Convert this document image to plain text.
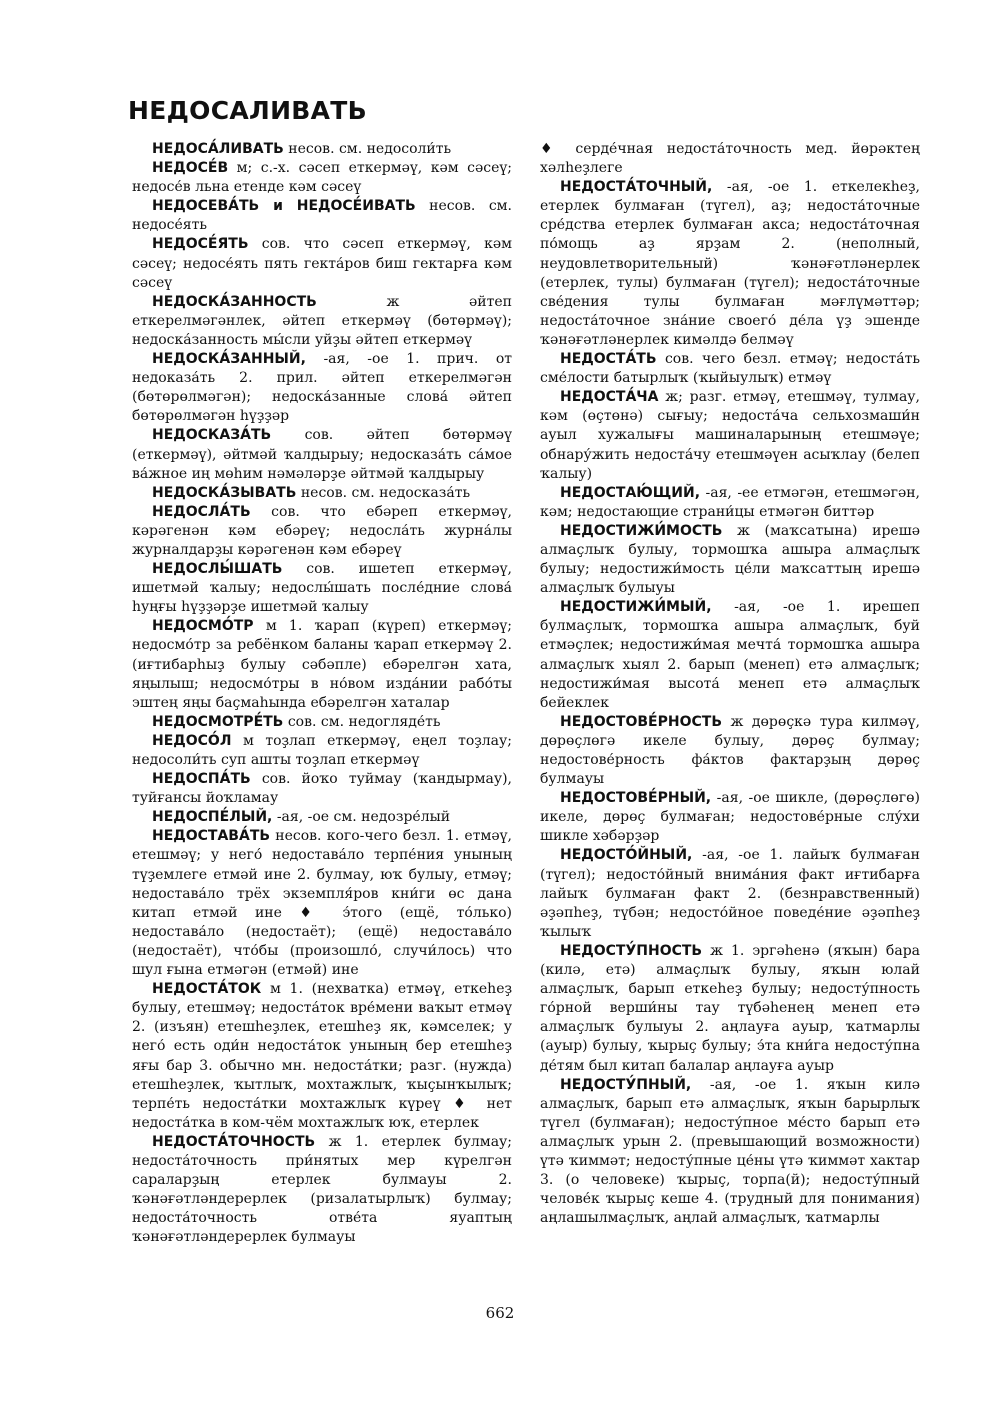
НЕДОСАЛИВАТЬ

НЕДОСА́ЛИВАТЬ несов. см. недосоли́ть

НЕДОСЕ́В м; с.-х. сәсеп еткермәү, кәм сәсеү; недосе́в льна етенде кәм сәсеү

НЕДОСЕВА́ТЬ и НЕДОСЕ́ИВАТЬ несов. см. недосе́ять

НЕДОСЕ́ЯТЬ сов. что сәсеп еткермәү, кәм сәсеү; недосе́ять пять гекта́ров биш гектарға кәм сәсеү

НЕДОСКА́ЗАННОСТЬ	ж әйтеп еткерелмәгәнлек, әйтеп еткермәү (бөтөрмәү); недоска́занность мы́сли уйҙы әйтеп еткермәү

НЕДОСКА́ЗАННЫЙ, -ая, -ое 1. прич. от недоказа́ть 2. прил. әйтеп еткерелмәгән (бөтөрөлмәгән); недоска́занные слова́ әйтеп бөтөрөлмәгән һүҙҙәр

НЕДОСКАЗА́ТЬ сов. әйтеп бөтөрмәү (еткермәү), әйтмәй ҡалдырыу; недосказа́ть са́мое ва́жное иң мөһим нәмәләрҙе әйтмәй ҡалдырыу

НЕДОСКА́ЗЫВАТЬ несов. см. недосказа́ть

НЕДОСЛА́ТЬ сов. что ебәреп еткермәү, кәрәгенән кәм ебәреү; недосла́ть журна́лы журналдарҙы кәрәгенән кәм ебәреү

НЕДОСЛЫ́ШАТЬ сов. ишетеп еткермәү, ишетмәй ҡалыу; недослы́шать после́дние слова́ һуңғы һүҙҙәрҙе ишетмәй ҡалыу

НЕДОСМО́ТР м 1. ҡарап (күреп) еткермәү; недосмо́тр за ребёнком баланы ҡарап еткермәү 2. (иғтибарһыҙ булыу сәбәпле) ебәрелгән хата, яңылыш; недосмо́тры в но́вом изда́нии рабо́ты эштең яңы баҫмаһында ебәрелгән хаталар

НЕДОСМОТРЕ́ТЬ сов. см. недогляде́ть

НЕДОСО́Л м тоҙлап еткермәү, еңел тоҙлау; недосоли́ть суп ашты тоҙлап еткермәү

НЕДОСПА́ТЬ сов. йоҡо туймау (ҡандырмау), туйғансы йоҡламау

НЕДОСПЕ́ЛЫЙ, -ая, -ое см. недозре́лый

НЕДОСТАВА́ТЬ несов. кого-чего безл. 1. етмәү, етешмәү; у него́ недостава́ло терпе́ния унының түҙемлеге етмәй ине 2. булмау, юҡ булыу, етмәү; недостава́ло трёх экземпля́ров кни́ги өс дана китап етмәй ине ♦ э́того (ещё, то́лько) недостава́ло (недостаёт); (ещё) недостава́ло (недостаёт), что́бы (произошло́, случи́лось) что шул ғына етмәгән (етмәй) ине

НЕДОСТА́ТОК м 1. (нехватка) етмәү, еткеһеҙ булыу, етешмәү; недоста́ток вре́мени ваҡыт етмәү 2. (изъян) етешһеҙлек, етешһеҙ як, кәмселек; у него́ есть оди́н недоста́ток унының бер етешһеҙ яғы бар 3. обычно мн. недоста́тки; разг. (нужда) етешһеҙлек, ҡытлыҡ, мохтажлыҡ, ҡыҫынҡылыҡ; терпе́ть недоста́тки мохтажлыҡ күреү ♦ нет недоста́тка в ком-чём мохтажлыҡ юҡ, етерлек

НЕДОСТА́ТОЧНОСТЬ ж 1. етерлек булмау; недоста́точность при́нятых мер күрелгән сараларҙың етерлек булмауы 2. ҡәнәғәтләндерерлек (ризалатырлыҡ) булмау; недоста́точность отве́та яуаптың ҡәнәғәтләндерерлек булмауы

♦ серде́чная недоста́точность мед. йөрәктең хәлһеҙлеге

НЕДОСТА́ТОЧНЫЙ, -ая, -ое 1. еткелекһеҙ, етерлек булмаған (түгел), аҙ; недоста́точные сре́дства етерлек булмаған акса; недоста́точная по́мощь аҙ ярҙам 2. (неполный, неудовлетворительный) ҡәнәғәтләнерлек (етерлек, тулы) булмаған (түгел); недоста́точные све́дения тулы булмаған мәғлүмәттәр; недоста́точное зна́ние своего́ де́ла үҙ эшенде ҡәнәғәтләнерлек кимәлдә белмәү

НЕДОСТА́ТЬ сов. чего безл. етмәү; недоста́ть сме́лости батырлыҡ (ҡыйыулыҡ) етмәү

НЕДОСТА́ЧА ж; разг. етмәү, етешмәү, тулмау, кәм (өҫтөнә) сығыу; недоста́ча сельхозмаши́н ауыл хужалығы машиналарының етешмәүе; обнару́жить недоста́чу етешмәүен асыҡлау (белеп ҡалыу)

НЕДОСТАЮ́ЩИЙ, -ая, -ее етмәгән, етешмәгән, кәм; недостающие страни́цы етмәгән биттәр

НЕДОСТИЖИ́МОСТЬ ж (маҡсатына) ирешә алмаҫлыҡ булыу, тормошҡа ашыра алмаҫлыҡ булыу; недостижи́мость це́ли маҡсаттың ирешә алмаҫлыҡ булыуы

НЕДОСТИЖИ́МЫЙ, -ая, -ое 1. ирешеп булмаҫлыҡ, тормошҡа ашыра алмаҫлыҡ, буй етмәҫлек; недостижи́мая мечта́ тормошҡа ашыра алмаҫлыҡ хыял 2. барып (менеп) етә алмаҫлыҡ; недостижи́мая высота́ менеп етә алмаҫлыҡ бейеклек

НЕДОСТОВЕ́РНОСТЬ ж дөрөҫкә тура килмәү, дөрөҫлөгә икеле булыу, дөрөҫ булмау; недостове́рность фа́ктов фактарҙың дөрөҫ булмауы

НЕДОСТОВЕ́РНЫЙ, -ая, -ое шикле, (дөрөҫлөгө) икеле, дөрөҫ булмаған; недостове́рные слу́хи шикле хәбәрҙәр

НЕДОСТО́ЙНЫЙ, -ая, -ое 1. лайыҡ булмаған (түгел); недосто́йный внима́ния факт иғтибарға лайыҡ булмаған факт 2. (безнравственный) әҙәпһеҙ, түбән; недосто́йное поведе́ние әҙәпһеҙ ҡылыҡ

НЕДОСТУ́ПНОСТЬ ж 1. эргәһенә (яҡын) бара (килә, етә) алмаҫлыҡ булыу, яҡын юлай алмаҫлыҡ, барып еткеһеҙ булыу; недосту́пность го́рной верши́ны тау түбәһенең менеп етә алмаҫлыҡ булыуы 2. аңлауға ауыр, ҡатмарлы (ауыр) булыу, ҡырыҫ булыу; э́та кни́га недосту́пна де́тям был китап балалар аңлауға ауыр

НЕДОСТУ́ПНЫЙ, -ая, -ое 1. яҡын килә алмаҫлыҡ, барып етә алмаҫлыҡ, яҡын барырлыҡ түгел (булмаған); недосту́пное ме́сто барып етә алмаҫлыҡ урын 2. (превышающий возможности) үтә ҡиммәт; недосту́пные це́ны үтә ҡиммәт хактар 3. (о человеке) ҡырыҫ, торпа(й); недосту́пный челове́к ҡырыҫ кеше 4. (трудный для понимания) аңлашылмаҫлыҡ, аңлай алмаҫлыҡ, ҡатмарлы

662
